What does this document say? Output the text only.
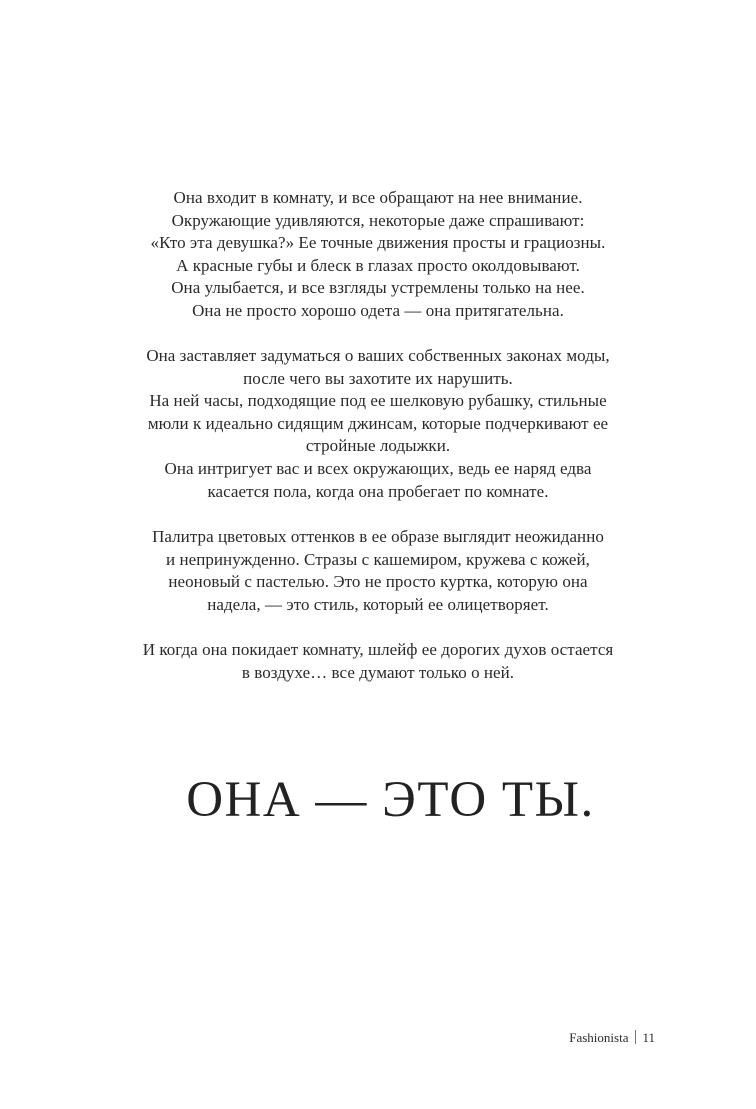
Она входит в комнату, и все обращают на нее внимание.
Окружающие удивляются, некоторые даже спрашивают:
«Кто эта девушка?» Ее точные движения просты и грациозны.
А красные губы и блеск в глазах просто околдовывают.
Она улыбается, и все взгляды устремлены только на нее.
Она не просто хорошо одета — она притягательна.
Она заставляет задуматься о ваших собственных законах моды,
после чего вы захотите их нарушить.
На ней часы, подходящие под ее шелковую рубашку, стильные
мюли к идеально сидящим джинсам, которые подчеркивают ее
стройные лодыжки.
Она интригует вас и всех окружающих, ведь ее наряд едва
касается пола, когда она пробегает по комнате.
Палитра цветовых оттенков в ее образе выглядит неожиданно
и непринужденно. Стразы с кашемиром, кружева с кожей,
неоновый с пастелью. Это не просто куртка, которую она
надела, — это стиль, который ее олицетворяет.
И когда она покидает комнату, шлейф ее дорогих духов остается
в воздухе… все думают только о ней.
ОНА — ЭТО ТЫ.
Fashionista 11
